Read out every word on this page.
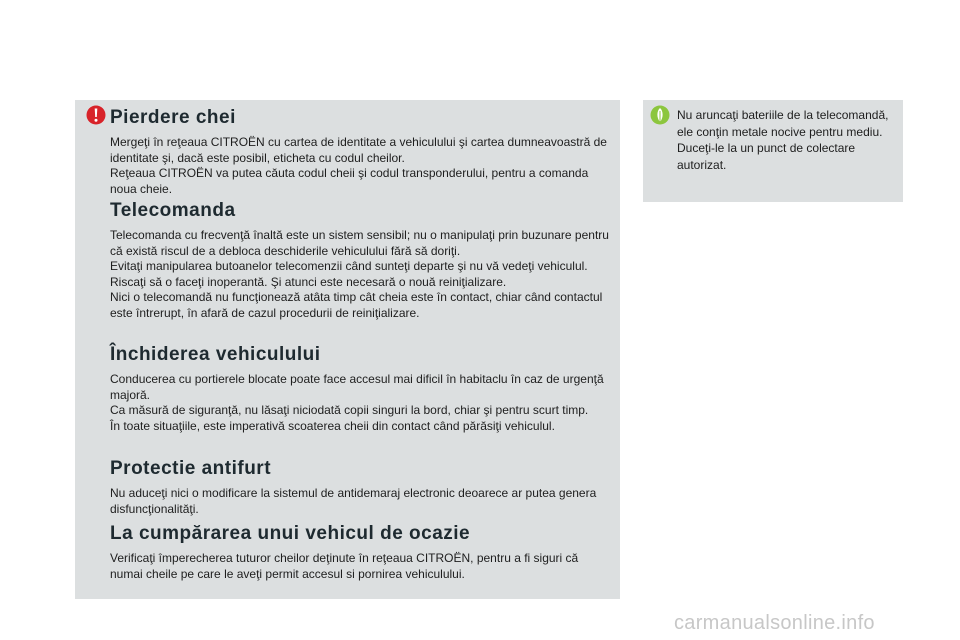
Pierdere chei

Mergeţi în reţeaua CITROËN cu cartea de identitate a vehiculului şi cartea dumneavoastră de identitate şi, dacă este posibil, eticheta cu codul cheilor.
Reţeaua CITROËN va putea căuta codul cheii şi codul transponderului, pentru a comanda noua cheie.

Telecomanda

Telecomanda cu frecvenţă înaltă este un sistem sensibil; nu o manipulaţi prin buzunare pentru că există riscul de a debloca deschiderile vehiculului fără să doriţi.
Evitaţi manipularea butoanelor telecomenzii când sunteţi departe şi nu vă vedeţi vehiculul. Riscaţi să o faceţi inoperantă. Şi atunci este necesară o nouă reiniţializare.
Nici o telecomandă nu funcţionează atâta timp cât cheia este în contact, chiar când contactul este întrerupt, în afară de cazul procedurii de reiniţializare.

Închiderea vehiculului

Conducerea cu portierele blocate poate face accesul mai dificil în habitaclu în caz de urgenţă majoră.
Ca măsură de siguranţă, nu lăsaţi niciodată copii singuri la bord, chiar şi pentru scurt timp.
În toate situaţiile, este imperativă scoaterea cheii din contact când părăsiţi vehiculul.

Protectie antifurt

Nu aduceţi nici o modificare la sistemul de antidemaraj electronic deoarece ar putea genera disfuncţionalităţi.

La cumpărarea unui vehicul de ocazie

Verificaţi împerecherea tuturor cheilor deţinute în reţeaua CITROËN, pentru a fi siguri că numai cheile pe care le aveţi permit accesul si pornirea vehiculului.

Nu aruncaţi bateriile de la telecomandă, ele conţin metale nocive pentru mediu.
Duceţi-le la un punct de colectare autorizat.

carmanualsonline.info
